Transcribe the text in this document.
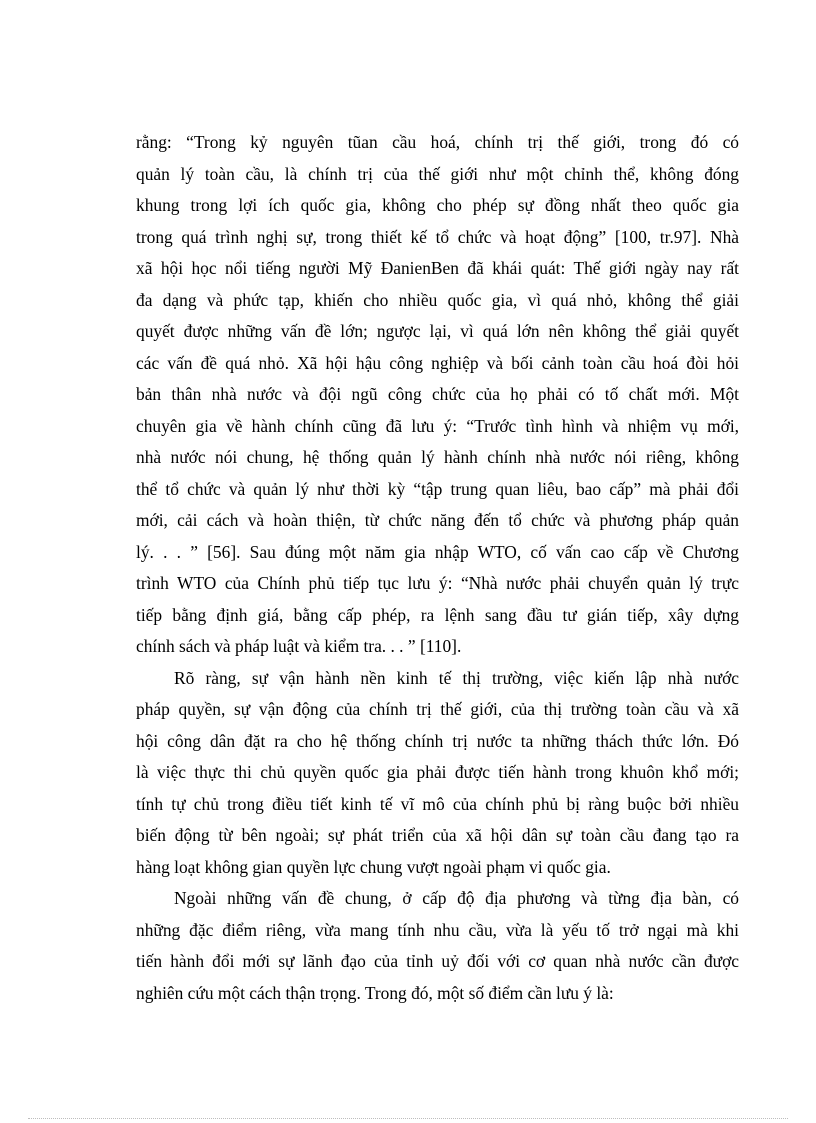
rằng: “Trong kỷ nguyên tũan cầu hoá, chính trị thế giới, trong đó có
quản lý toàn cầu, là chính trị của thế giới như một chỉnh thể, không đóng
khung trong lợi ích quốc gia, không cho phép sự đồng nhất theo quốc gia
trong quá trình nghị sự, trong thiết kế tổ chức và hoạt động” [100, tr.97]. Nhà
xã hội học nổi tiếng người Mỹ ĐanienBen đã khái quát: Thế giới ngày nay rất
đa dạng và phức tạp, khiến cho nhiều quốc gia, vì quá nhỏ, không thể giải
quyết được những vấn đề lớn; ngược lại, vì quá lớn nên không thể giải quyết
các vấn đề quá nhỏ. Xã hội hậu công nghiệp và bối cảnh toàn cầu hoá đòi hỏi
bản thân nhà nước và đội ngũ công chức của họ phải có tố chất mới. Một
chuyên gia về hành chính cũng đã lưu ý: “Trước tình hình và nhiệm vụ mới,
nhà nước nói chung, hệ thống quản lý hành chính nhà nước nói riêng, không
thể tổ chức và quản lý như thời kỳ “tập trung quan liêu, bao cấp” mà phải đổi
mới, cải cách và hoàn thiện, từ chức năng đến tổ chức và phương pháp quản
lý. . . ” [56]. Sau đúng một năm gia nhập WTO, cố vấn cao cấp về Chương
trình WTO của Chính phủ tiếp tục lưu ý: “Nhà nước phải chuyển quản lý trực
tiếp bằng định giá, bằng cấp phép, ra lệnh sang đầu tư gián tiếp, xây dựng
chính sách và pháp luật và kiểm tra. . . ” [110].
Rõ ràng, sự vận hành nền kinh tế thị trường, việc kiến lập nhà nước
pháp quyền, sự vận động của chính trị thế giới, của thị trường toàn cầu và xã
hội công dân đặt ra cho hệ thống chính trị nước ta những thách thức lớn. Đó
là việc thực thi chủ quyền quốc gia phải được tiến hành trong khuôn khổ mới;
tính tự chủ trong điều tiết kinh tế vĩ mô của chính phủ bị ràng buộc bởi nhiều
biến động từ bên ngoài; sự phát triển của xã hội dân sự toàn cầu đang tạo ra
hàng loạt không gian quyền lực chung vượt ngoài phạm vi quốc gia.
Ngoài những vấn đề chung, ở cấp độ địa phương và từng địa bàn, có
những đặc điểm riêng, vừa mang tính nhu cầu, vừa là yếu tố trở ngại mà khi
tiến hành đổi mới sự lãnh đạo của tỉnh uỷ đối với cơ quan nhà nước cần được
nghiên cứu một cách thận trọng. Trong đó, một số điểm cần lưu ý là:
